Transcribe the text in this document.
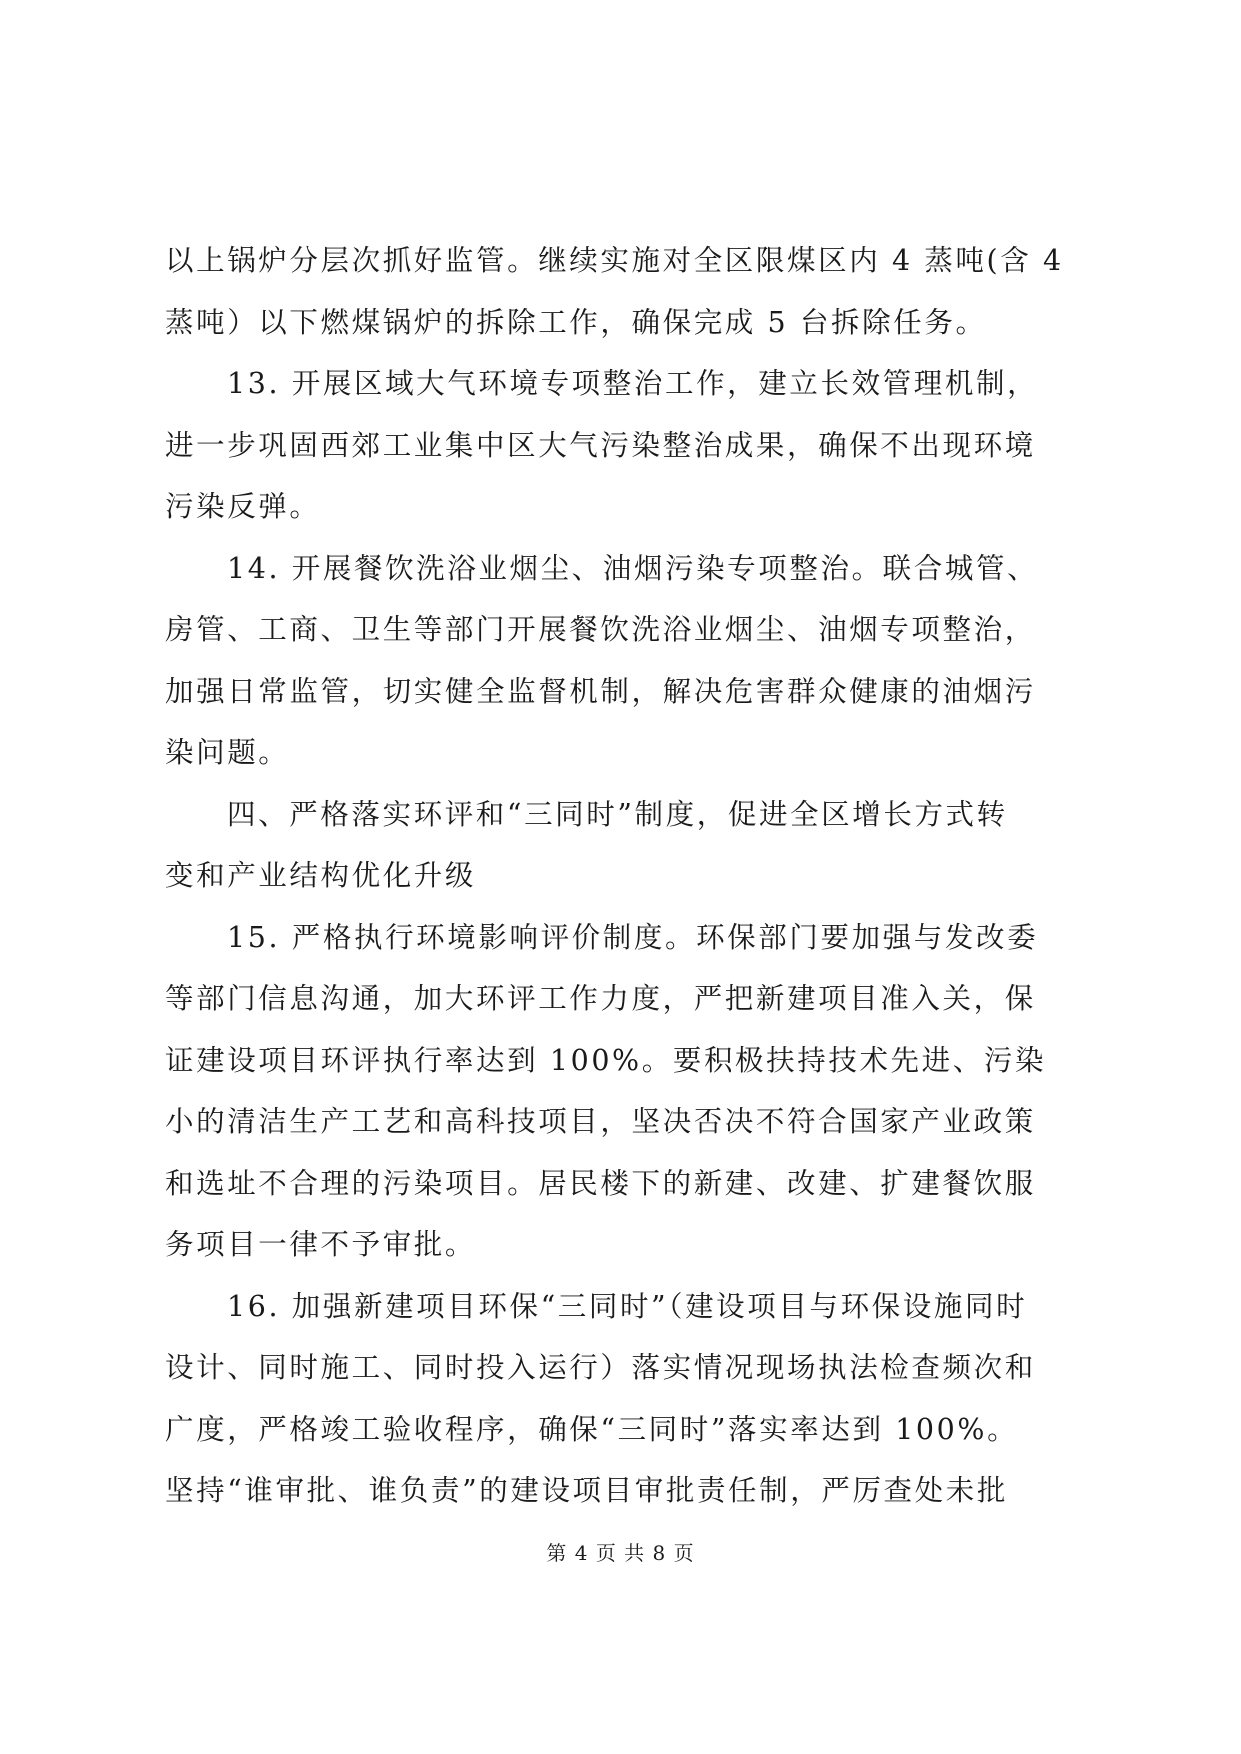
以上锅炉分层次抓好监管。继续实施对全区限煤区内 4 蒸吨(含 4
蒸吨）以下燃煤锅炉的拆除工作，确保完成 5 台拆除任务。
13. 开展区域大气环境专项整治工作，建立长效管理机制，
进一步巩固西郊工业集中区大气污染整治成果，确保不出现环境
污染反弹。
14. 开展餐饮洗浴业烟尘、油烟污染专项整治。联合城管、
房管、工商、卫生等部门开展餐饮洗浴业烟尘、油烟专项整治，
加强日常监管，切实健全监督机制，解决危害群众健康的油烟污
染问题。
四、严格落实环评和“三同时”制度，促进全区增长方式转
变和产业结构优化升级
15. 严格执行环境影响评价制度。环保部门要加强与发改委
等部门信息沟通，加大环评工作力度，严把新建项目准入关，保
证建设项目环评执行率达到 100%。要积极扶持技术先进、污染
小的清洁生产工艺和高科技项目，坚决否决不符合国家产业政策
和选址不合理的污染项目。居民楼下的新建、改建、扩建餐饮服
务项目一律不予审批。
16. 加强新建项目环保“三同时”（建设项目与环保设施同时
设计、同时施工、同时投入运行）落实情况现场执法检查频次和
广度，严格竣工验收程序，确保“三同时”落实率达到 100%。
坚持“谁审批、谁负责”的建设项目审批责任制，严厉查处未批
第 4 页 共 8 页
